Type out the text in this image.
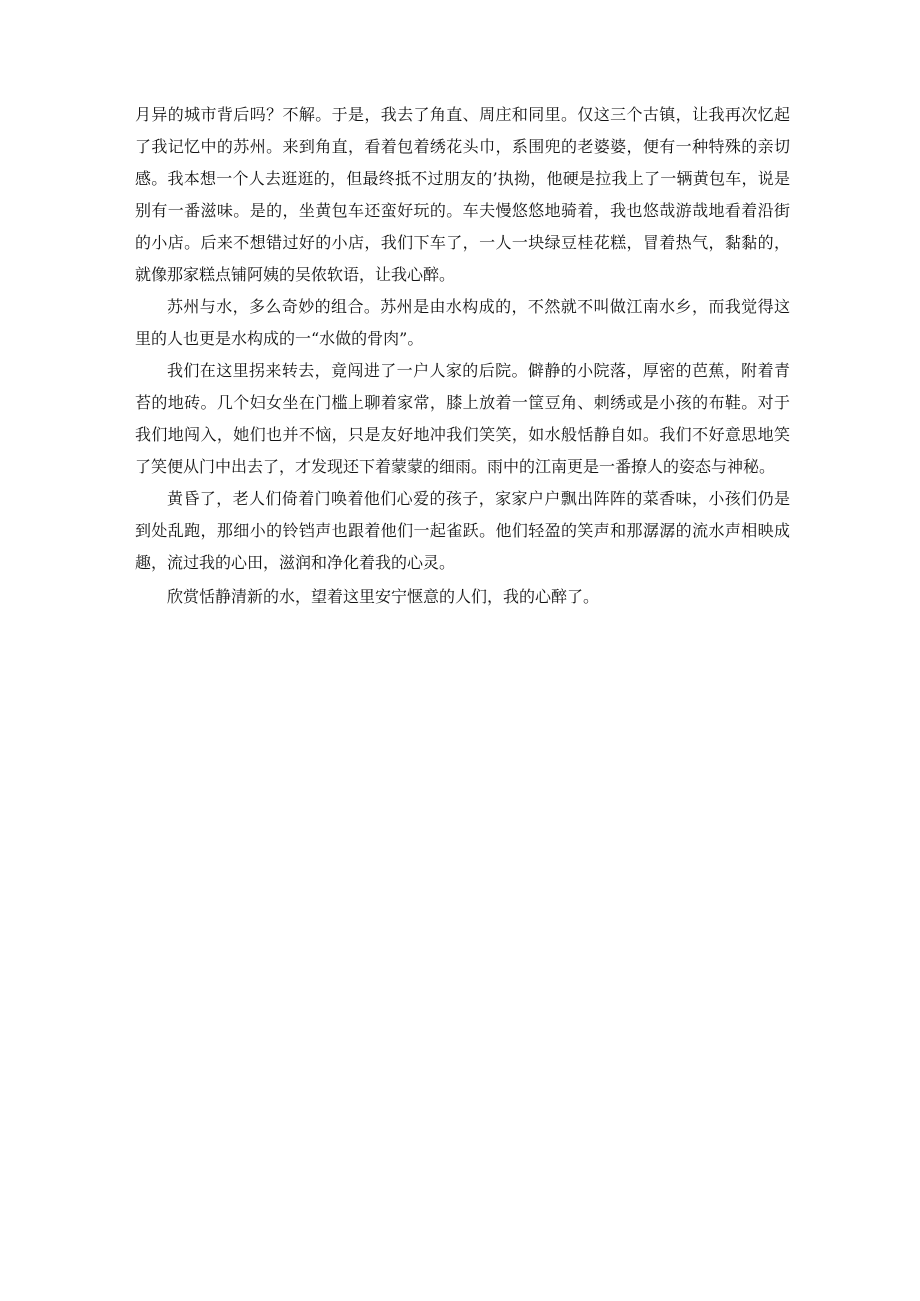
月异的城市背后吗？不解。于是，我去了角直、周庄和同里。仅这三个古镇，让我再次忆起了我记忆中的苏州。来到角直，看着包着绣花头巾，系围兜的老婆婆，便有一种特殊的亲切感。我本想一个人去逛逛的，但最终抵不过朋友的’执拗，他硬是拉我上了一辆黄包车，说是别有一番滋味。是的，坐黄包车还蛮好玩的。车夫慢悠悠地骑着，我也悠哉游哉地看着沿街的小店。后来不想错过好的小店，我们下车了，一人一块绿豆桂花糕，冒着热气，黏黏的，就像那家糕点铺阿姨的吴侬软语，让我心醉。

苏州与水，多么奇妙的组合。苏州是由水构成的，不然就不叫做江南水乡，而我觉得这里的人也更是水构成的一“水做的骨肉”。

我们在这里拐来转去，竟闯进了一户人家的后院。僻静的小院落，厚密的芭蕉，附着青苔的地砖。几个妇女坐在门槛上聊着家常，膝上放着一筐豆角、刺绣或是小孩的布鞋。对于我们地闯入，她们也并不恼，只是友好地冲我们笑笑，如水般恬静自如。我们不好意思地笑了笑便从门中出去了，才发现还下着蒙蒙的细雨。雨中的江南更是一番撩人的姿态与神秘。

黄昏了，老人们倚着门唤着他们心爱的孩子，家家户户飘出阵阵的菜香味，小孩们仍是到处乱跑，那细小的铃铛声也跟着他们一起雀跃。他们轻盈的笑声和那潺潺的流水声相映成趣，流过我的心田，滋润和净化着我的心灵。

欣赏恬静清新的水，望着这里安宁惬意的人们，我的心醉了。
